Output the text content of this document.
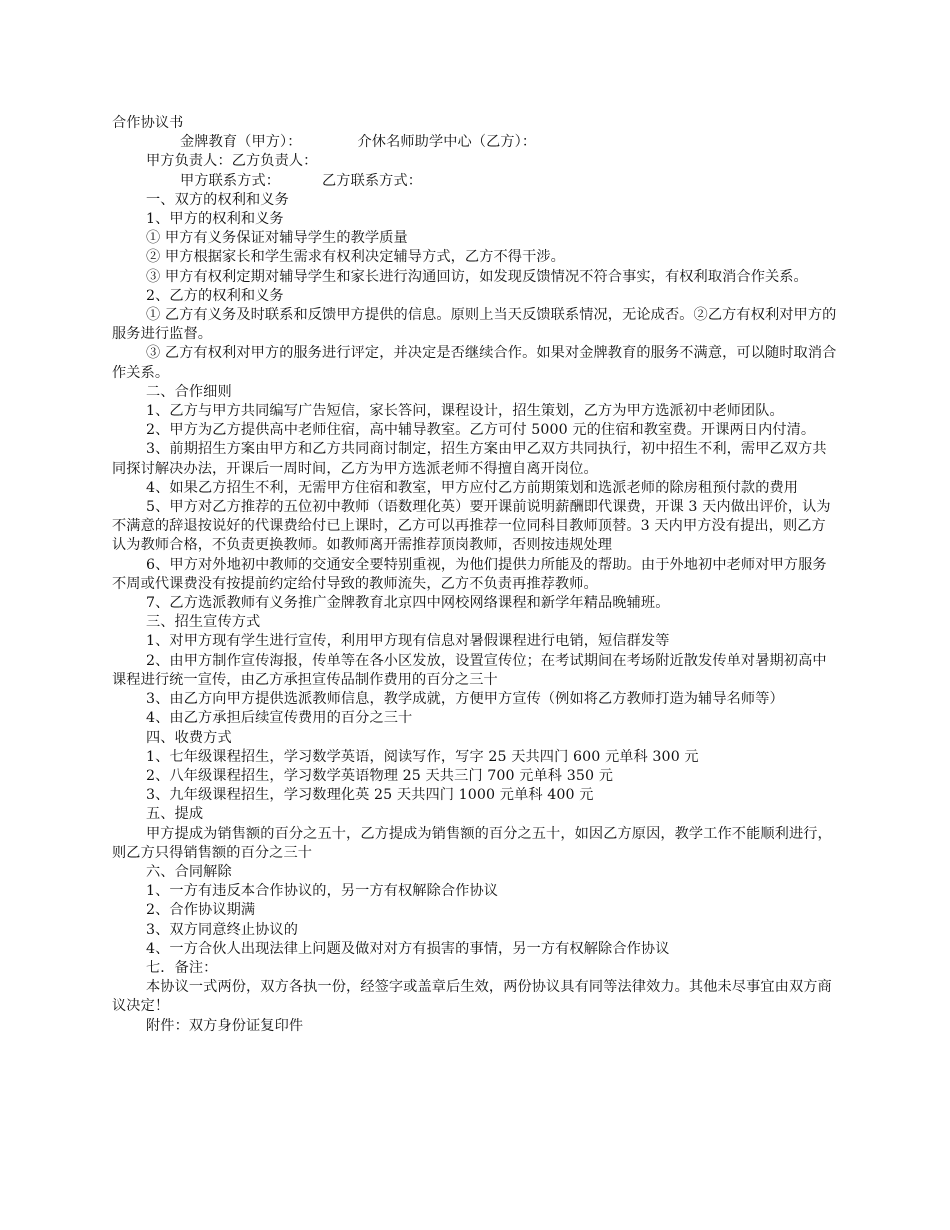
合作协议书

金牌教育（甲方）：	介休名师助学中心（乙方）：

甲方负责人：乙方负责人：

甲方联系方式：	乙方联系方式：

一、双方的权利和义务

1、甲方的权利和义务

① 甲方有义务保证对辅导学生的教学质量

② 甲方根据家长和学生需求有权利决定辅导方式，乙方不得干涉。

③ 甲方有权利定期对辅导学生和家长进行沟通回访，如发现反馈情况不符合事实，有权利取消合作关系。

2、乙方的权利和义务

① 乙方有义务及时联系和反馈甲方提供的信息。原则上当天反馈联系情况，无论成否。②乙方有权利对甲方的服务进行监督。

③ 乙方有权利对甲方的服务进行评定，并决定是否继续合作。如果对金牌教育的服务不满意，可以随时取消合作关系。

二、合作细则

1、乙方与甲方共同编写广告短信，家长答问，课程设计，招生策划，乙方为甲方选派初中老师团队。

2、甲方为乙方提供高中老师住宿，高中辅导教室。乙方可付 5000 元的住宿和教室费。开课两日内付清。

3、前期招生方案由甲方和乙方共同商讨制定，招生方案由甲乙双方共同执行，初中招生不利，需甲乙双方共同探讨解决办法，开课后一周时间，乙方为甲方选派老师不得擅自离开岗位。

4、如果乙方招生不利，无需甲方住宿和教室，甲方应付乙方前期策划和选派老师的除房租预付款的费用

5、甲方对乙方推荐的五位初中教师（语数理化英）要开课前说明薪酬即代课费，开课 3 天内做出评价，认为不满意的辞退按说好的代课费给付已上课时，乙方可以再推荐一位同科目教师顶替。3 天内甲方没有提出，则乙方认为教师合格，不负责更换教师。如教师离开需推荐顶岗教师，否则按违规处理

6、甲方对外地初中教师的交通安全要特别重视，为他们提供力所能及的帮助。由于外地初中老师对甲方服务不周或代课费没有按提前约定给付导致的教师流失，乙方不负责再推荐教师。

7、乙方选派教师有义务推广金牌教育北京四中网校网络课程和新学年精品晚辅班。

三、招生宣传方式

1、对甲方现有学生进行宣传，利用甲方现有信息对暑假课程进行电销，短信群发等

2、由甲方制作宣传海报，传单等在各小区发放，设置宣传位；在考试期间在考场附近散发传单对暑期初高中课程进行统一宣传，由乙方承担宣传品制作费用的百分之三十

3、由乙方向甲方提供选派教师信息，教学成就，方便甲方宣传（例如将乙方教师打造为辅导名师等）

4、由乙方承担后续宣传费用的百分之三十

四、收费方式

1、七年级课程招生，学习数学英语，阅读写作，写字 25 天共四门 600 元单科 300 元

2、八年级课程招生，学习数学英语物理 25 天共三门 700 元单科 350 元

3、九年级课程招生，学习数理化英 25 天共四门 1000 元单科 400 元

五、提成

甲方提成为销售额的百分之五十，乙方提成为销售额的百分之五十，如因乙方原因，教学工作不能顺利进行，则乙方只得销售额的百分之三十

六、合同解除

1、一方有违反本合作协议的，另一方有权解除合作协议

2、合作协议期满

3、双方同意终止协议的

4、一方合伙人出现法律上问题及做对对方有损害的事情，另一方有权解除合作协议

七．备注：

本协议一式两份，双方各执一份，经签字或盖章后生效，两份协议具有同等法律效力。其他未尽事宜由双方商议决定！

附件：双方身份证复印件
